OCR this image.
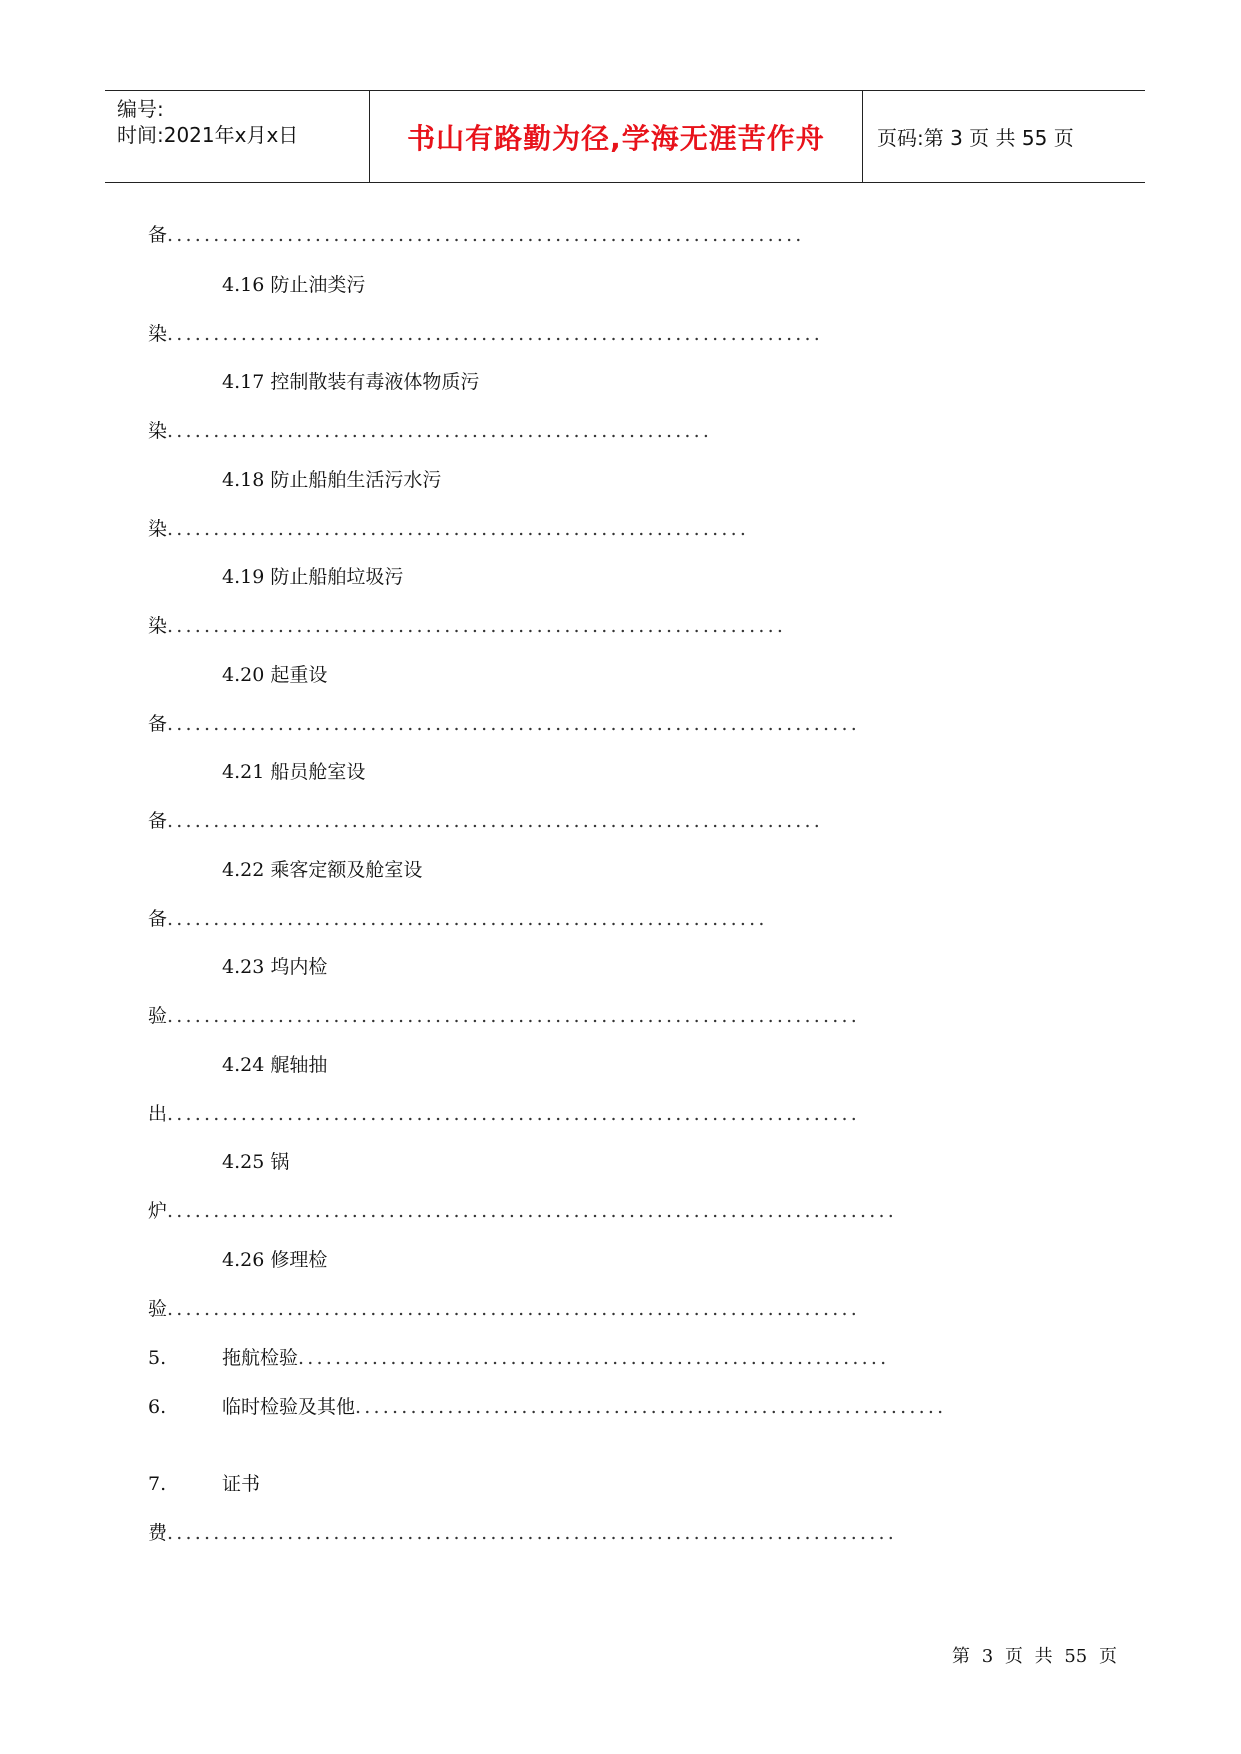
编号:
时间:2021年x月x日	书山有路勤为径,学海无涯苦作舟	页码:第 3 页 共 55 页
备.....................................................................
4.16 防止油类污
染.......................................................................
4.17 控制散装有毒液体物质污
染...........................................................
4.18 防止船舶生活污水污
染...............................................................
4.19 防止船舶垃圾污
染...................................................................
4.20 起重设
备...........................................................................
4.21 船员舱室设
备.......................................................................
4.22 乘客定额及舱室设
备.................................................................
4.23 坞内检
验...........................................................................
4.24 艉轴抽
出...........................................................................
4.25 锅
炉...............................................................................
4.26 修理检
验...........................................................................
5.	拖航检验................................................................
6.	临时检验及其他................................................................
7.	证书
费...............................................................................
第 3 页 共 55 页
